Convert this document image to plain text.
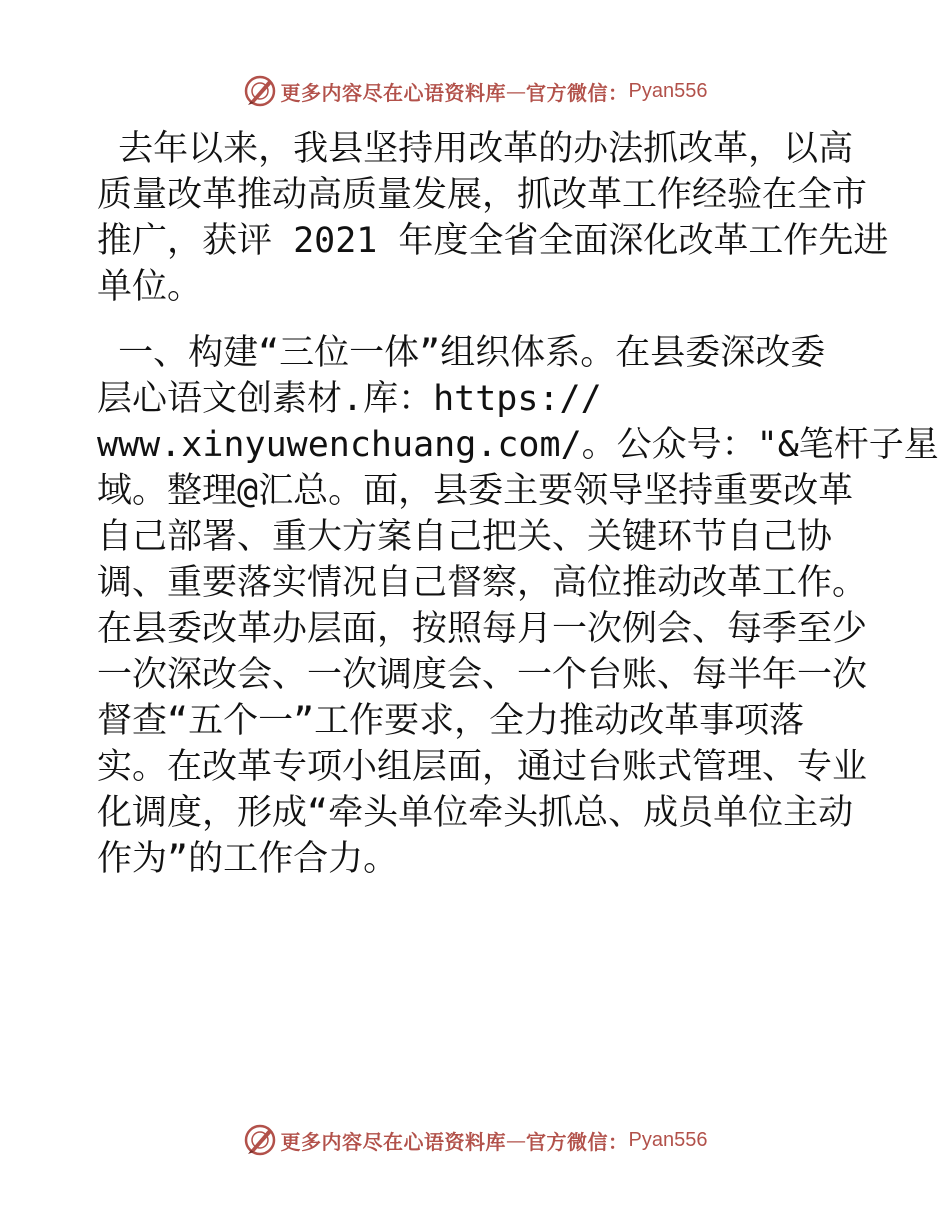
更多内容尽在心语资料库 — 官方微信： Pyan556
去年以来，我县坚持用改革的办法抓改革，以高
质量改革推动高质量发展，抓改革工作经验在全市
推广，获评 2021 年度全省全面深化改革工作先进
单位。
一、构建“三位一体”组织体系。在县委深改委
层心语文创素材.库：https://
www.xinyuwenchuang.com/。公众号："&笔杆子星
域。整理@汇总。面，县委主要领导坚持重要改革
自己部署、重大方案自己把关、关键环节自己协
调、重要落实情况自己督察，高位推动改革工作。
在县委改革办层面，按照每月一次例会、每季至少
一次深改会、一次调度会、一个台账、每半年一次
督查“五个一”工作要求，全力推动改革事项落
实。在改革专项小组层面，通过台账式管理、专业
化调度，形成“牵头单位牵头抓总、成员单位主动
作为”的工作合力。
更多内容尽在心语资料库 — 官方微信： Pyan556
